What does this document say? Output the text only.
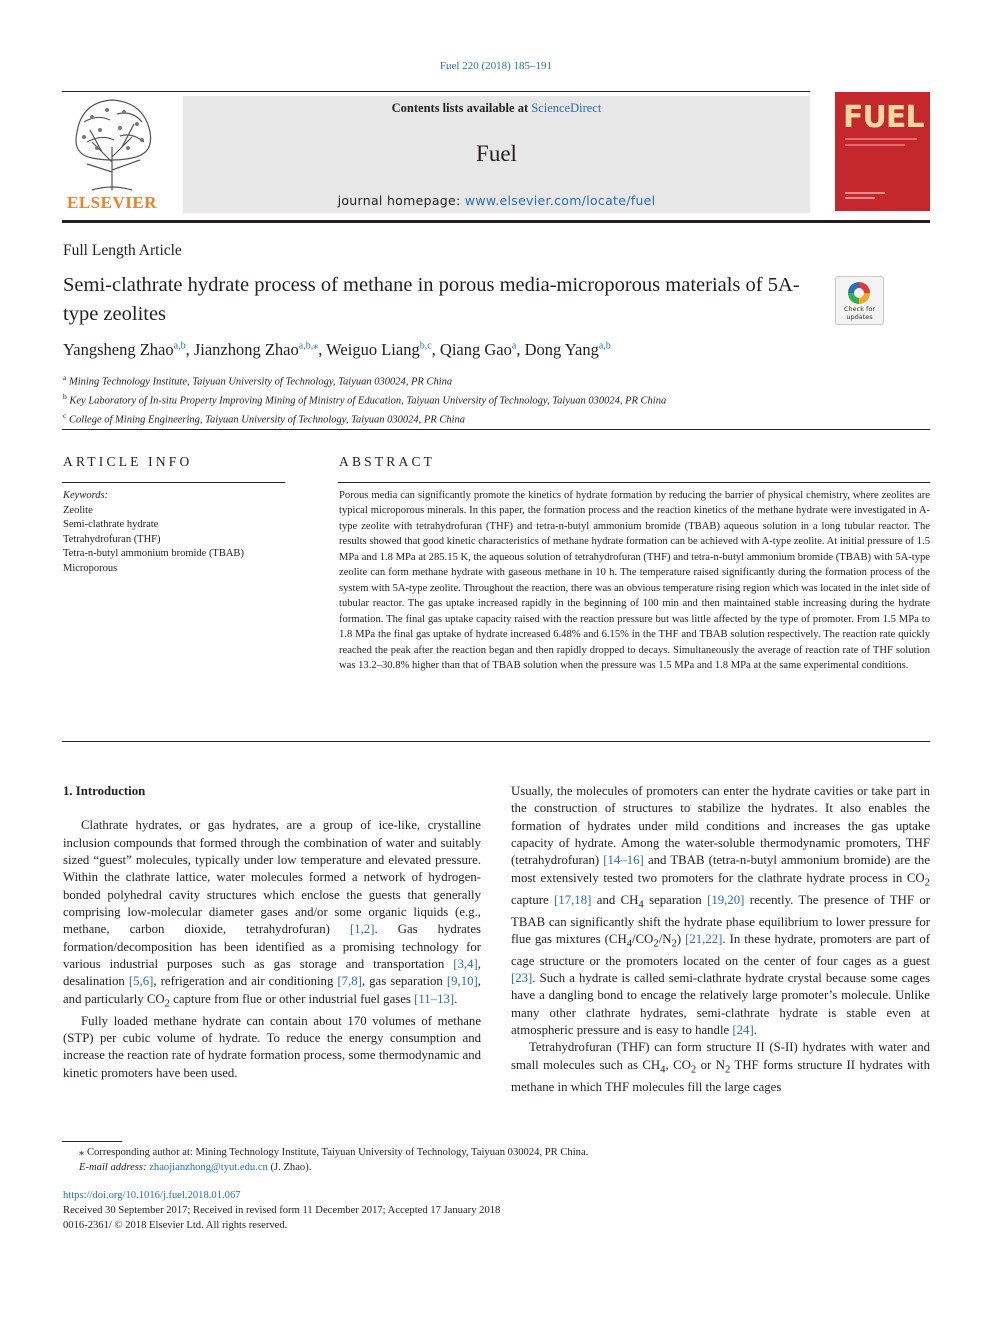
Fuel 220 (2018) 185–191
ELSEVIER
Contents lists available at ScienceDirect
Fuel
journal homepage: www.elsevier.com/locate/fuel
FUEL
Full Length Article
Semi-clathrate hydrate process of methane in porous media-microporous materials of 5A-type zeolites	Check for updates
Yangsheng Zhao$^{a,b}$, Jianzhong Zhao$^{a,b,⁎}$, Weiguo Liang$^{b,c}$, Qiang Gao$^a$, Dong Yang$^{a,b}$
$^a$ Mining Technology Institute, Taiyuan University of Technology, Taiyuan 030024, PR China
$^b$ Key Laboratory of In-situ Property Improving Mining of Ministry of Education, Taiyuan University of Technology, Taiyuan 030024, PR China
$^c$ College of Mining Engineering, Taiyuan University of Technology, Taiyuan 030024, PR China
ARTICLE INFO	ABSTRACT
Keywords:
Zeolite
Semi-clathrate hydrate
Tetrahydrofuran (THF)
Tetra-n-butyl ammonium bromide (TBAB)
Microporous
Porous media can significantly promote the kinetics of hydrate formation by reducing the barrier of physical chemistry, where zeolites are typical microporous minerals. In this paper, the formation process and the reaction kinetics of the methane hydrate were investigated in A-type zeolite with tetrahydrofuran (THF) and tetra-n-butyl ammonium bromide (TBAB) aqueous solution in a long tubular reactor. The results showed that good kinetic characteristics of methane hydrate formation can be achieved with A-type zeolite. At initial pressure of 1.5 MPa and 1.8 MPa at 285.15 K, the aqueous solution of tetrahydrofuran (THF) and tetra-n-butyl ammonium bromide (TBAB) with 5A-type zeolite can form methane hydrate with gaseous methane in 10 h. The temperature raised significantly during the formation process of the system with 5A-type zeolite. Throughout the reaction, there was an obvious temperature rising region which was located in the inlet side of tubular reactor. The gas uptake increased rapidly in the beginning of 100 min and then maintained stable increasing during the hydrate formation. The final gas uptake capacity raised with the reaction pressure but was little affected by the type of promoter. From 1.5 MPa to 1.8 MPa the final gas uptake of hydrate increased 6.48% and 6.15% in the THF and TBAB solution respectively. The reaction rate quickly reached the peak after the reaction began and then rapidly dropped to decays. Simultaneously the average of reaction rate of THF solution was 13.2–30.8% higher than that of TBAB solution when the pressure was 1.5 MPa and 1.8 MPa at the same experimental conditions.

1. Introduction

Clathrate hydrates, or gas hydrates, are a group of ice-like, crystalline inclusion compounds that formed through the combination of water and suitably sized “guest” molecules, typically under low temperature and elevated pressure. Within the clathrate lattice, water molecules formed a network of hydrogen-bonded polyhedral cavity structures which enclose the guests that generally comprising low-molecular diameter gases and/or some organic liquids (e.g., methane, carbon dioxide, tetrahydrofuran) [1,2]. Gas hydrates formation/decomposition has been identified as a promising technology for various industrial purposes such as gas storage and transportation [3,4], desalination [5,6], refrigeration and air conditioning [7,8], gas separation [9,10], and particularly $CO_2$ capture from flue or other industrial fuel gases [11–13].

Fully loaded methane hydrate can contain about 170 volumes of methane (STP) per cubic volume of hydrate. To reduce the energy consumption and increase the reaction rate of hydrate formation process, some thermodynamic and kinetic promoters have been used.

Usually, the molecules of promoters can enter the hydrate cavities or take part in the construction of structures to stabilize the hydrates. It also enables the formation of hydrates under mild conditions and increases the gas uptake capacity of hydrate. Among the water-soluble thermodynamic promoters, THF (tetrahydrofuran) [14–16] and TBAB (tetra-n-butyl ammonium bromide) are the most extensively tested two promoters for the clathrate hydrate process in $CO_2$ capture [17,18] and $CH_4$ separation [19,20] recently. The presence of THF or TBAB can significantly shift the hydrate phase equilibrium to lower pressure for flue gas mixtures $(CH_4/CO_2/N_2)$ [21,22]. In these hydrate, promoters are part of cage structure or the promoters located on the center of four cages as a guest [23]. Such a hydrate is called semi-clathrate hydrate crystal because some cages have a dangling bond to encage the relatively large promoter’s molecule. Unlike many other clathrate hydrates, semi-clathrate hydrate is stable even at atmospheric pressure and is easy to handle [24].

Tetrahydrofuran (THF) can form structure II (S-II) hydrates with water and small molecules such as $CH_4$, $CO_2$ or $N_2$ THF forms structure II hydrates with methane in which THF molecules fill the large cages

⁎ Corresponding author at: Mining Technology Institute, Taiyuan University of Technology, Taiyuan 030024, PR China.
E-mail address: zhaojianzhong@tyut.edu.cn (J. Zhao).
https://doi.org/10.1016/j.fuel.2018.01.067
Received 30 September 2017; Received in revised form 11 December 2017; Accepted 17 January 2018
0016-2361/ © 2018 Elsevier Ltd. All rights reserved.
